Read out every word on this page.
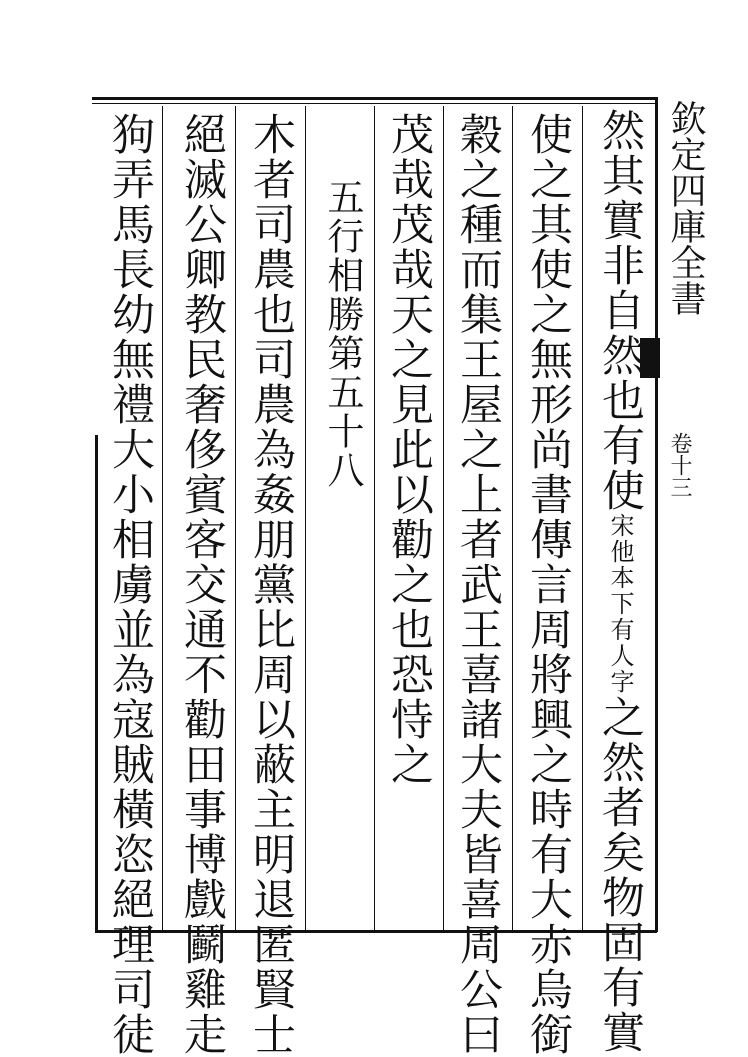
然其實非自然也有使宋他本下有人字之然者矣物固有實
使之其使之無形尚書傳言周將興之時有大赤烏銜
穀之種而集王屋之上者武王喜諸大夫皆喜周公曰
茂哉茂哉天之見此以勸之也恐恃之
五行相勝第五十八
木者司農也司農為姦朋黨比周以蔽主明退匿賢士
絕滅公卿教民奢侈賓客交通不勸田事博戲鬬雞走
狗弄馬長幼無禮大小相虜並為寇賊橫恣絕理司徒	欽定四庫全書
卷十三
